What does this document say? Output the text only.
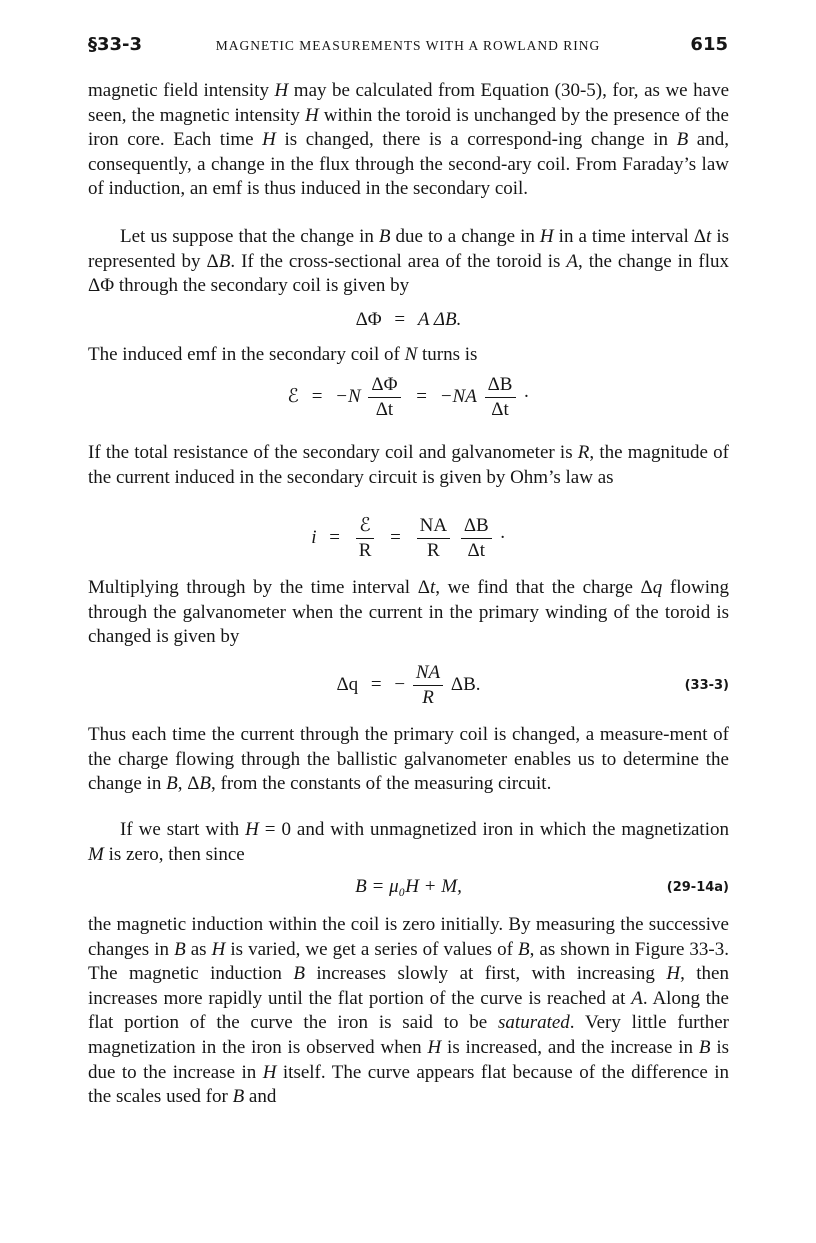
§33-3	MAGNETIC MEASUREMENTS WITH A ROWLAND RING	615

magnetic field intensity H may be calculated from Equation (30-5), for, as we have seen, the magnetic intensity H within the toroid is unchanged by the presence of the iron core. Each time H is changed, there is a correspond-ing change in B and, consequently, a change in the flux through the second-ary coil. From Faraday’s law of induction, an emf is thus induced in the secondary coil.

Let us suppose that the change in B due to a change in H in a time interval Δt is represented by ΔB. If the cross-sectional area of the toroid is A, the change in flux ΔΦ through the secondary coil is given by

ΔΦ = A ΔB.

The induced emf in the secondary coil of N turns is

ℰ = $-N \frac{\Delta\Phi}{\Delta t} = -NA \frac{\Delta B}{\Delta t}$ ·

If the total resistance of the secondary coil and galvanometer is R, the magnitude of the current induced in the secondary circuit is given by Ohm’s law as

$i = \frac{\text{ℰ}}{R} = \frac{NA}{R}$
$\frac{\Delta B}{\Delta t}$ ·

Multiplying through by the time interval Δt, we find that the charge Δq flowing through the galvanometer when the current in the primary winding of the toroid is changed is given by

Δq = − $\frac{NA}{R} \Delta B$.	(33-3)

Thus each time the current through the primary coil is changed, a measure-ment of the charge flowing through the ballistic galvanometer enables us to determine the change in B, ΔB, from the constants of the measuring circuit.

If we start with H = 0 and with unmagnetized iron in which the magnetization M is zero, then since

B = μ₀H + M,	(29-14a)

the magnetic induction within the coil is zero initially. By measuring the successive changes in B as H is varied, we get a series of values of B, as shown in Figure 33-3. The magnetic induction B increases slowly at first, with increasing H, then increases more rapidly until the flat portion of the curve is reached at A. Along the flat portion of the curve the iron is said to be saturated. Very little further magnetization in the iron is observed when H is increased, and the increase in B is due to the increase in H itself. The curve appears flat because of the difference in the scales used for B and
